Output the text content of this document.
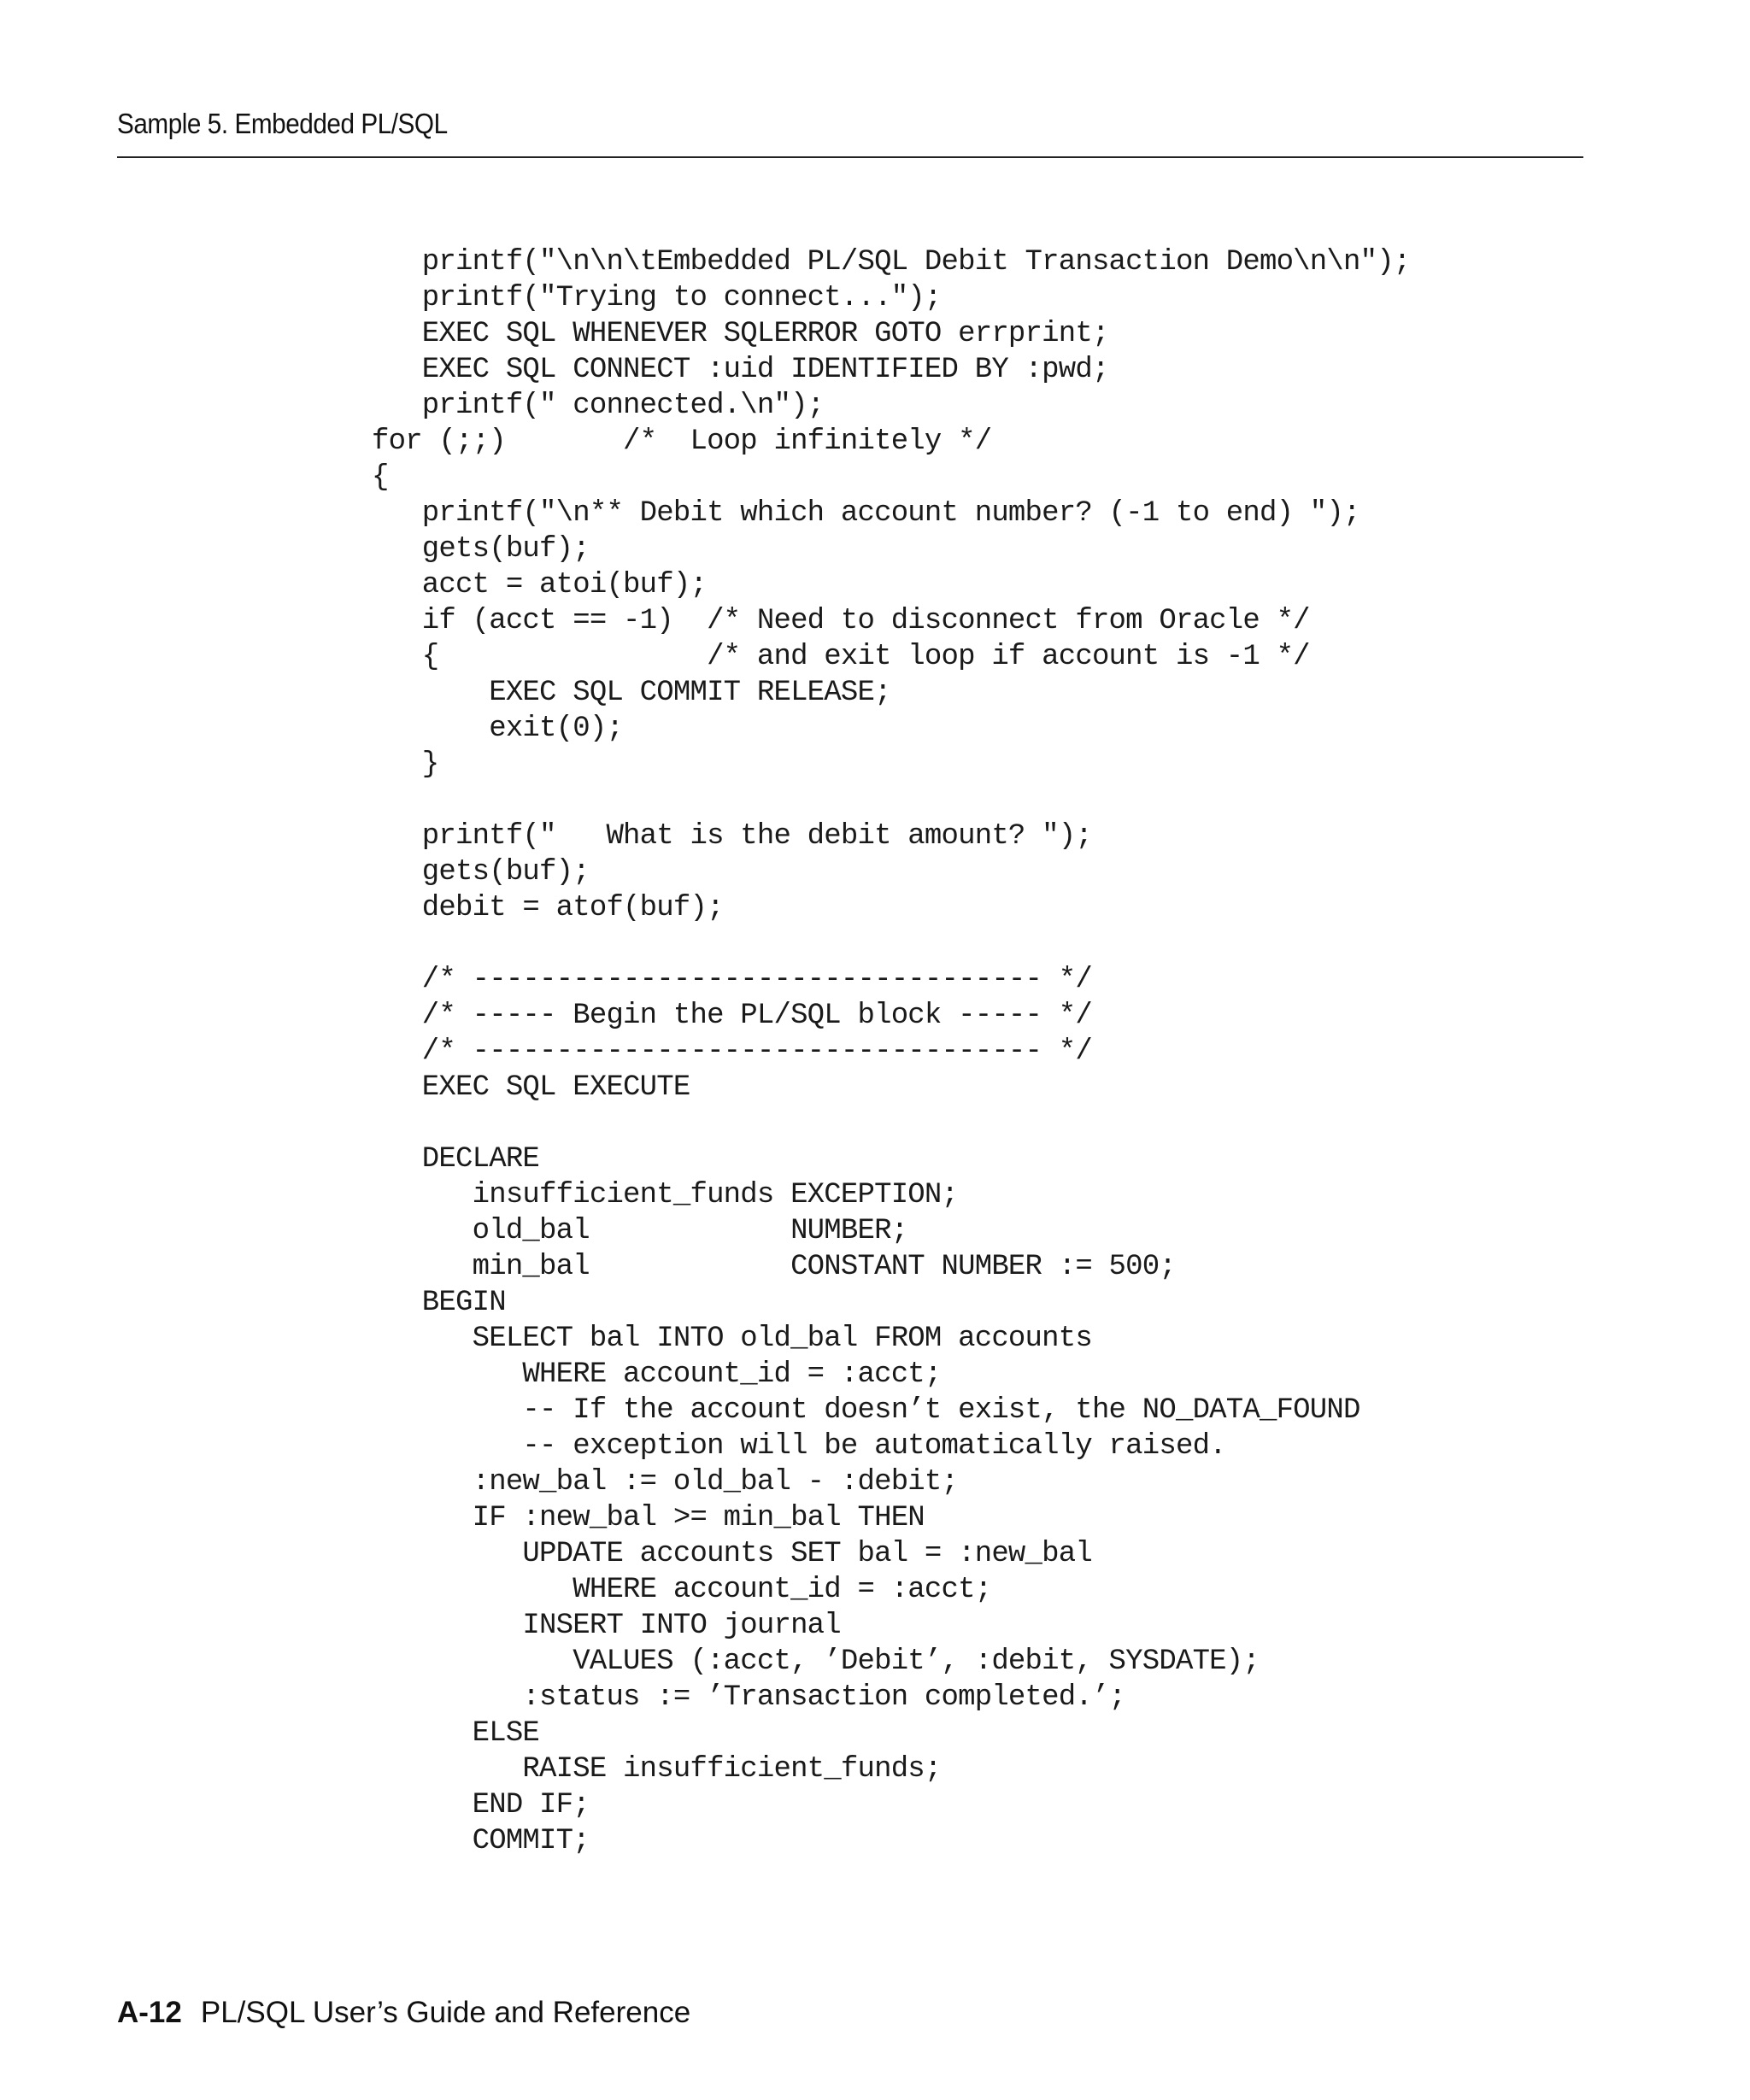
Sample 5. Embedded PL/SQL
printf("\n\n\tEmbedded PL/SQL Debit Transaction Demo\n\n");
printf("Trying to connect...");
EXEC SQL WHENEVER SQLERROR GOTO errprint;
EXEC SQL CONNECT :uid IDENTIFIED BY :pwd;
printf(" connected.\n");
for (;;)       /*  Loop infinitely */
{
printf("\n** Debit which account number? (-1 to end) ");
gets(buf);
acct = atoi(buf);
if (acct == -1)  /* Need to disconnect from Oracle */
{                /* and exit loop if account is -1 */
EXEC SQL COMMIT RELEASE;
exit(0);
}
printf("   What is the debit amount? ");
gets(buf);
debit = atof(buf);
/* ---------------------------------- */
/* ----- Begin the PL/SQL block ----- */
/* ---------------------------------- */
EXEC SQL EXECUTE
DECLARE
insufficient_funds EXCEPTION;
old_bal            NUMBER;
min_bal            CONSTANT NUMBER := 500;
BEGIN
SELECT bal INTO old_bal FROM accounts
WHERE account_id = :acct;
-- If the account doesn’t exist, the NO_DATA_FOUND
-- exception will be automatically raised.
:new_bal := old_bal - :debit;
IF :new_bal >= min_bal THEN
UPDATE accounts SET bal = :new_bal
WHERE account_id = :acct;
INSERT INTO journal
VALUES (:acct, ’Debit’, :debit, SYSDATE);
:status := ’Transaction completed.’;
ELSE
RAISE insufficient_funds;
END IF;
COMMIT;
A-12 PL/SQL User’s Guide and Reference
